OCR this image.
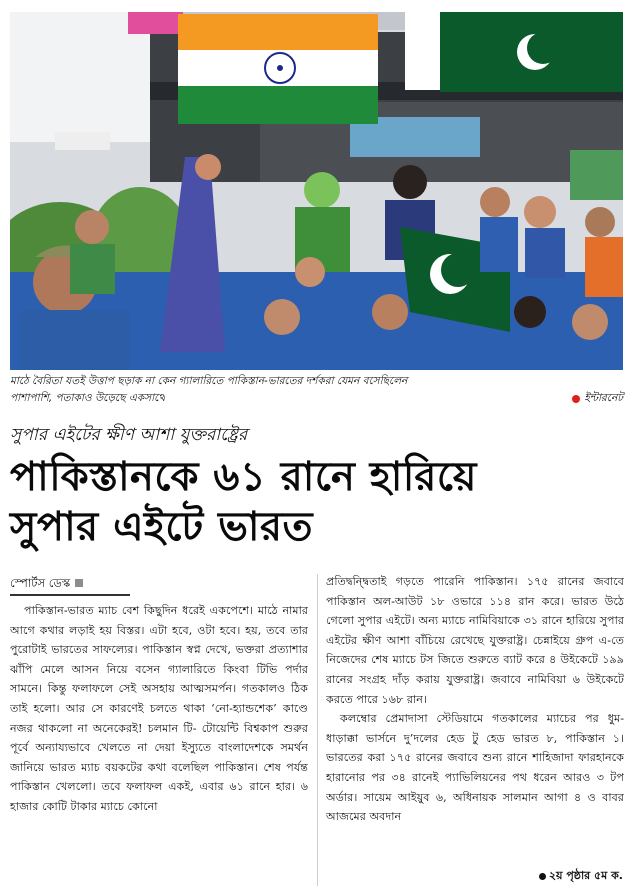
মাঠে বৈরিতা যতই উত্তাপ ছড়াক না কেন গ্যালারিতে পাকিস্তান-ভারতের দর্শকরা যেমন বসেছিলেন
পাশাপাশি, পতাকাও উড়েছে একসাথে	ইন্টারনেট
সুপার এইটের ক্ষীণ আশা যুক্তরাষ্ট্রের
পাকিস্তানকে ৬১ রানে হারিয়ে
সুপার এইটে ভারত
স্পোর্টস ডেস্ক

পাকিস্তান-ভারত ম্যাচ বেশ কিছুদিন ধরেই একপেশে। মাঠে নামার আগে কথার লড়াই হয় বিস্তর। এটা হবে, ওটা হবে। হয়, তবে তার পুরোটাই ভারতের সাফল্যের। পাকিস্তান স্বপ্ন দেখে, ভক্তরা প্রত্যাশার ঝাঁপি মেলে আসন নিয়ে বসেন গ্যালারিতে কিংবা টিভি পর্দার সামনে। কিন্তু ফলাফলে সেই অসহায় আত্মসমর্পন। গতকালও ঠিক তাই হলো। আর সে কারণেই চলতে থাকা ‘নো-হ্যান্ডশেক’ কাণ্ডে নজর থাকলো না অনেকেরই! চলমান টি- টোয়েন্টি বিশ্বকাপ শুরুর পূর্বে অন্যায্যভাবে খেলতে না দেয়া ইস্যুতে বাংলাদেশকে সমর্থন জানিয়ে ভারত ম্যাচ বয়কটের কথা বলেছিল পাকিস্তান। শেষ পর্যন্ত পাকিস্তান খেললো। তবে ফলাফল একই, এবার ৬১ রানে হার। ৬ হাজার কোটি টাকার ম্যাচে কোনো

প্রতিদ্বন্দ্বিতাই গড়তে পারেনি পাকিস্তান। ১৭৫ রানের জবাবে পাকিস্তান অল-আউট ১৮ ওভারে ১১৪ রান করে। ভারত উঠে গেলো সুপার এইটে। অন্য ম্যাচে নামিবিয়াকে ৩১ রানে হারিয়ে সুপার এইটের ক্ষীণ আশা বাঁচিয়ে রেখেছে যুক্তরাষ্ট্র। চেন্নাইয়ে গ্রুপ এ-তে নিজেদের শেষ ম্যাচে টস জিতে শুরুতে ব্যাট করে ৪ উইকেটে ১৯৯ রানের সংগ্রহ দাঁড় করায় যুক্তরাষ্ট্র। জবাবে নামিবিয়া ৬ উইকেটে করতে পারে ১৬৮ রান।

কলম্বোর প্রেমাদাসা স্টেডিয়ামে গতকালের ম্যাচের পর ধুম-ধাড়াক্কা ভার্সনে দু’দলের হেড টু হেড ভারত ৮, পাকিস্তান ১। ভারতের করা ১৭৫ রানের জবাবে শুন্য রানে শাহিজাদা ফারহানকে হারানোর পর ৩৪ রানেই প্যাভিলিয়নের পথ ধরেন আরও ৩ টপ অর্ডার। সায়েম আইয়ুব ৬, অধিনায়ক সালমান আগা ৪ ও বাবর আজমের অবদান

২য় পৃষ্ঠার ৫ম ক.
